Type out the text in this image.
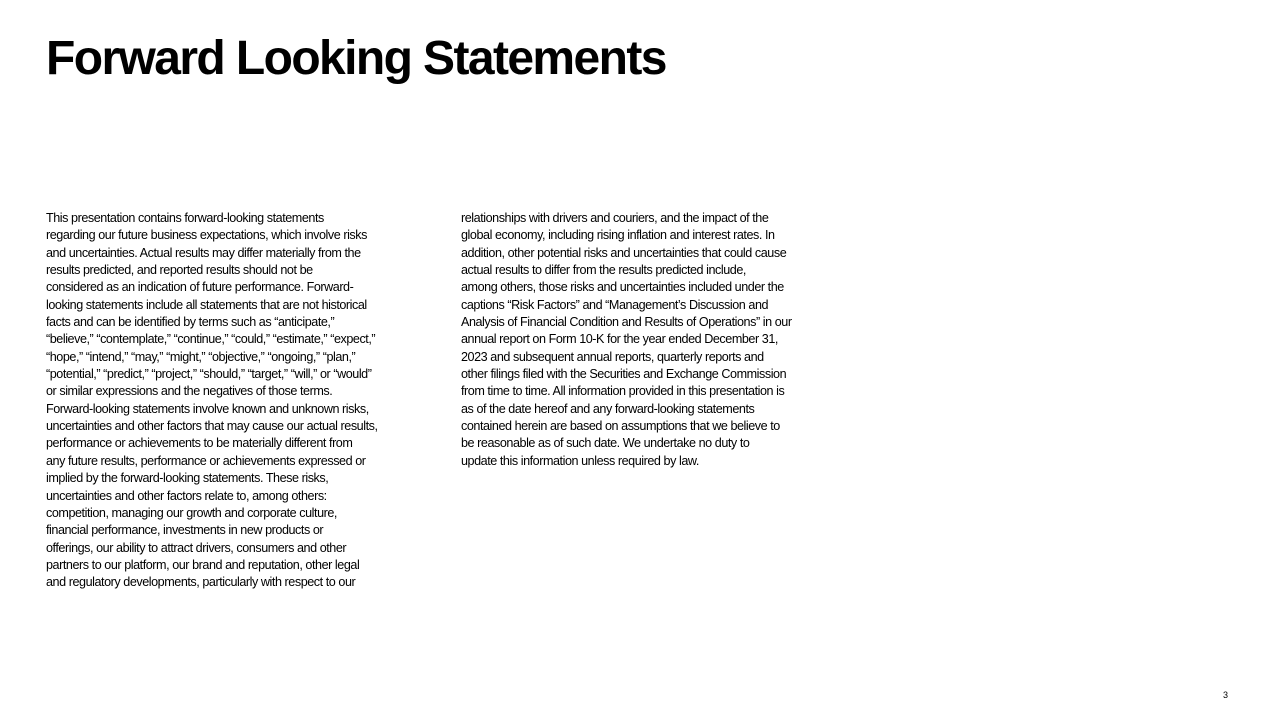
Forward Looking Statements
This presentation contains forward-looking statements
regarding our future business expectations, which involve risks
and uncertainties. Actual results may differ materially from the
results predicted, and reported results should not be
considered as an indication of future performance. Forward-
looking statements include all statements that are not historical
facts and can be identified by terms such as “anticipate,”
“believe,” “contemplate,” “continue,” “could,” “estimate,” “expect,”
“hope,” “intend,” “may,” “might,” “objective,” “ongoing,” “plan,”
“potential,” “predict,” “project,” “should,” “target,” “will,” or “would”
or similar expressions and the negatives of those terms.
Forward-looking statements involve known and unknown risks,
uncertainties and other factors that may cause our actual results,
performance or achievements to be materially different from
any future results, performance or achievements expressed or
implied by the forward-looking statements. These risks,
uncertainties and other factors relate to, among others:
competition, managing our growth and corporate culture,
financial performance, investments in new products or
offerings, our ability to attract drivers, consumers and other
partners to our platform, our brand and reputation, other legal
and regulatory developments, particularly with respect to our
relationships with drivers and couriers, and the impact of the
global economy, including rising inflation and interest rates. In
addition, other potential risks and uncertainties that could cause
actual results to differ from the results predicted include,
among others, those risks and uncertainties included under the
captions “Risk Factors” and “Management’s Discussion and
Analysis of Financial Condition and Results of Operations” in our
annual report on Form 10-K for the year ended December 31,
2023 and subsequent annual reports, quarterly reports and
other filings filed with the Securities and Exchange Commission
from time to time. All information provided in this presentation is
as of the date hereof and any forward-looking statements
contained herein are based on assumptions that we believe to
be reasonable as of such date. We undertake no duty to
update this information unless required by law.
3
